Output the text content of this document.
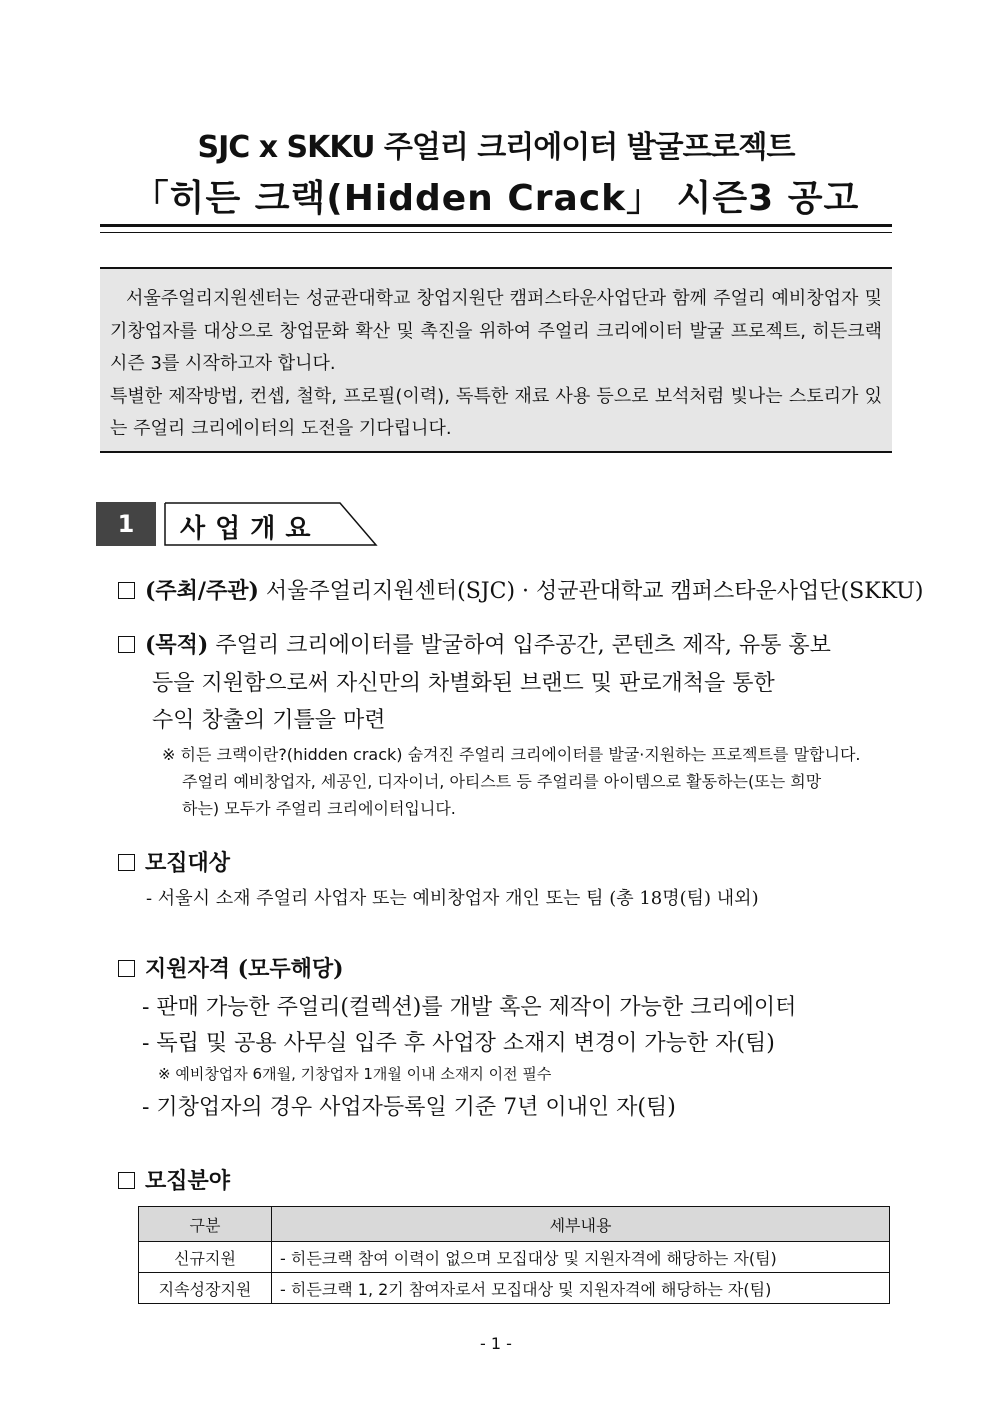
SJC x SKKU 주얼리 크리에이터 발굴프로젝트
「히든 크랙(Hidden Crack」 시즌3 공고

서울주얼리지원센터는 성균관대학교 창업지원단 캠퍼스타운사업단과 함께 주얼리 예비창업자 및 기창업자를 대상으로 창업문화 확산 및 촉진을 위하여 주얼리 크리에이터 발굴 프로젝트, 히든크랙 시즌 3를 시작하고자 합니다.

특별한 제작방법, 컨셉, 철학, 프로필(이력), 독특한 재료 사용 등으로 보석처럼 빛나는 스토리가 있는 주얼리 크리에이터의 도전을 기다립니다.

1	사업개요
(주최/주관) 서울주얼리지원센터(SJC) · 성균관대학교 캠퍼스타운사업단(SKKU)
(목적) 주얼리 크리에이터를 발굴하여 입주공간, 콘텐츠 제작, 유통 홍보
등을 지원함으로써 자신만의 차별화된 브랜드 및 판로개척을 통한
수익 창출의 기틀을 마련
※ 히든 크랙이란?(hidden crack) 숨겨진 주얼리 크리에이터를 발굴·지원하는 프로젝트를 말합니다.
주얼리 예비창업자, 세공인, 디자이너, 아티스트 등 주얼리를 아이템으로 활동하는(또는 희망
하는) 모두가 주얼리 크리에이터입니다.
모집대상
- 서울시 소재 주얼리 사업자 또는 예비창업자 개인 또는 팀 (총 18명(팀) 내외)
지원자격 (모두해당)
- 판매 가능한 주얼리(컬렉션)를 개발 혹은 제작이 가능한 크리에이터
- 독립 및 공용 사무실 입주 후 사업장 소재지 변경이 가능한 자(팀)
※ 예비창업자 6개월, 기창업자 1개월 이내 소재지 이전 필수
- 기창업자의 경우 사업자등록일 기준 7년 이내인 자(팀)
모집분야
구분	세부내용
신규지원	- 히든크랙 참여 이력이 없으며 모집대상 및 지원자격에 해당하는 자(팀)
지속성장지원	- 히든크랙 1, 2기 참여자로서 모집대상 및 지원자격에 해당하는 자(팀)
- 1 -
